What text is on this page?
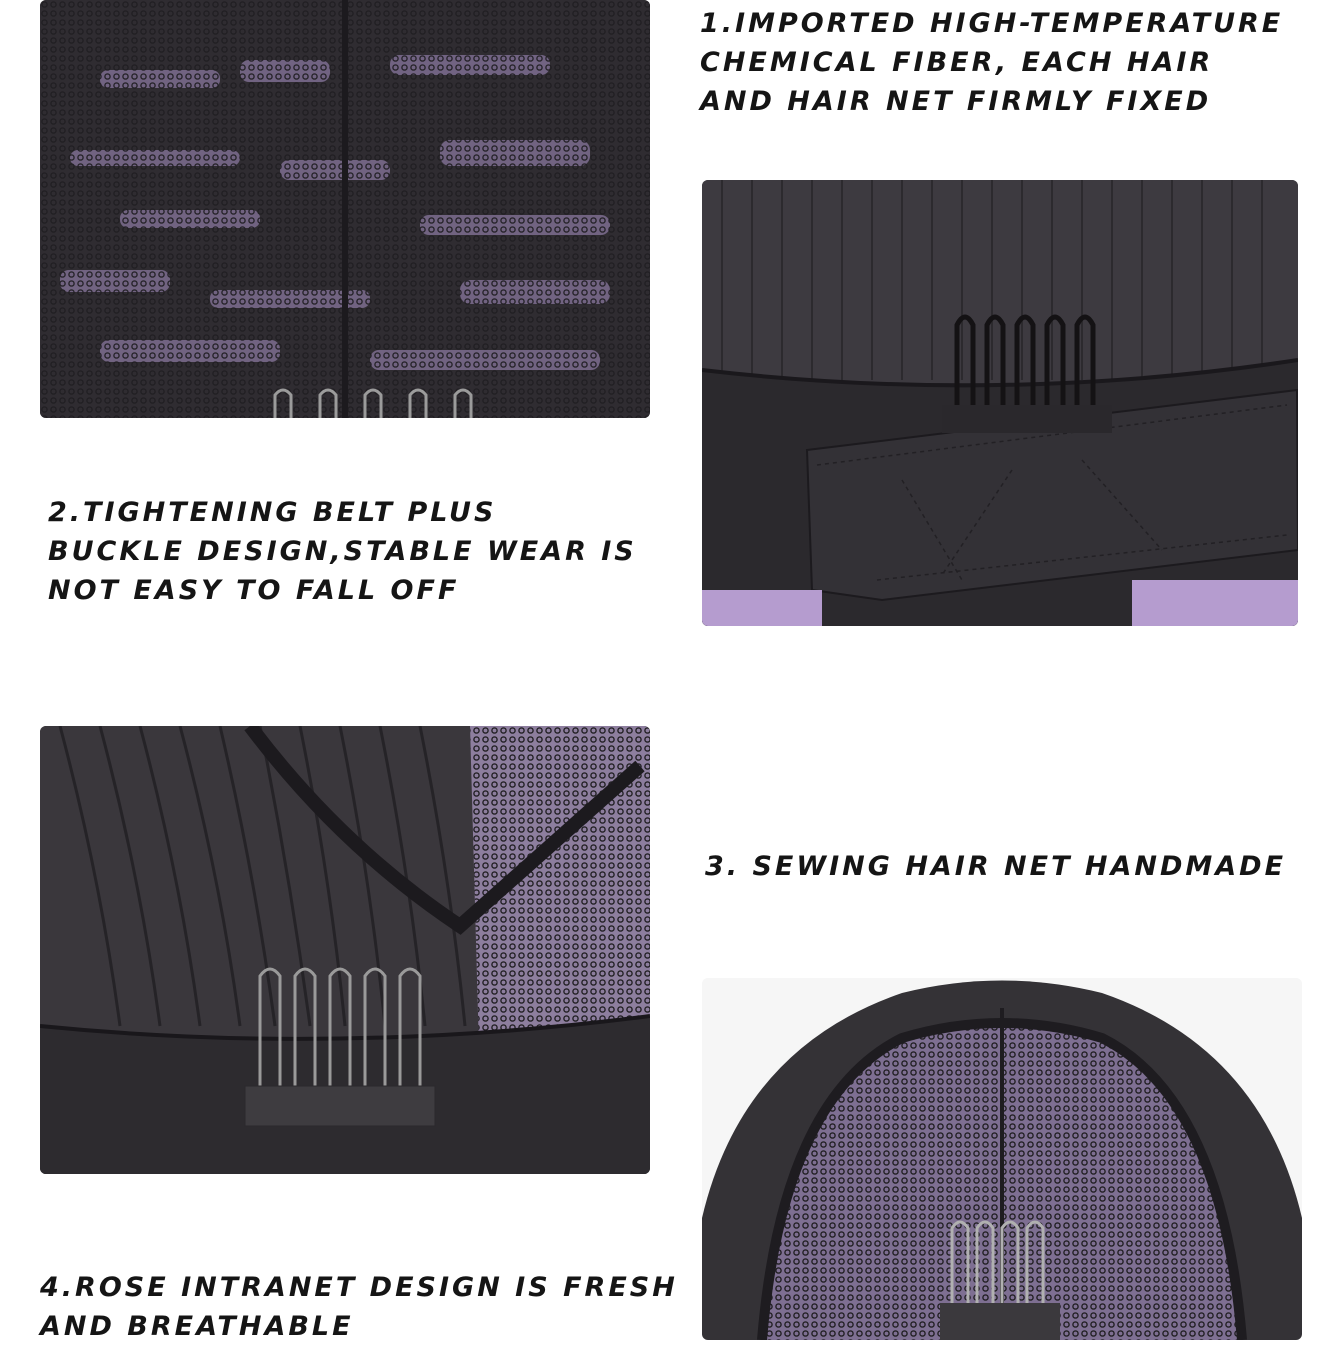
1.IMPORTED HIGH-TEMPERATURE
CHEMICAL FIBER, EACH HAIR
AND HAIR NET FIRMLY FIXED
2.TIGHTENING BELT PLUS
BUCKLE DESIGN,STABLE WEAR IS
NOT EASY TO FALL OFF
3. SEWING HAIR NET HANDMADE
4.ROSE INTRANET DESIGN IS FRESH
AND BREATHABLE
